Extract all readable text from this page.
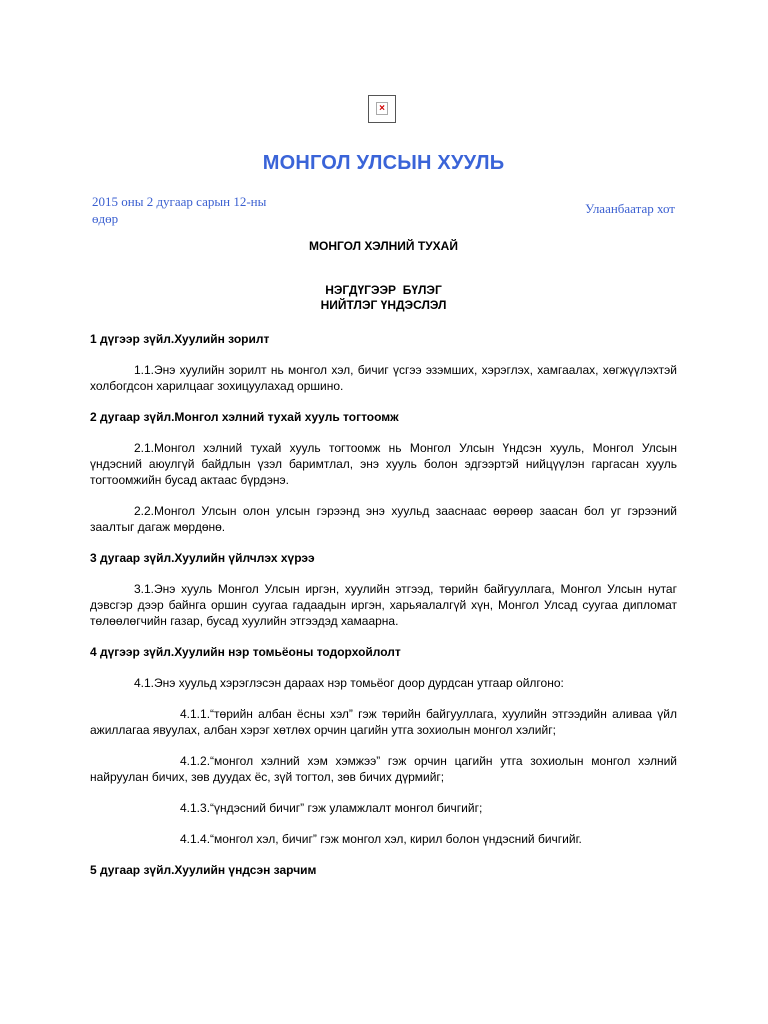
×
МОНГОЛ УЛСЫН ХУУЛЬ
2015 оны 2 дугаар сарын 12-ны
өдөр
Улаанбаатар хот
МОНГОЛ ХЭЛНИЙ ТУХАЙ
НЭГДҮГЭЭР  БҮЛЭГ
НИЙТЛЭГ ҮНДЭСЛЭЛ
1 дүгээр зүйл.Хуулийн зорилт
1.1.Энэ хуулийн зорилт нь монгол хэл, бичиг үсгээ эзэмших, хэрэглэх, хамгаалах, хөгжүүлэхтэй холбогдсон харилцааг зохицуулахад оршино.
2 дугаар зүйл.Монгол хэлний тухай хууль тогтоомж
2.1.Монгол хэлний тухай хууль тогтоомж нь Монгол Улсын Үндсэн хууль, Монгол Улсын үндэсний аюулгүй байдлын үзэл баримтлал, энэ хууль болон эдгээртэй нийцүүлэн гаргасан хууль тогтоомжийн бусад актаас бүрдэнэ.
2.2.Монгол Улсын олон улсын гэрээнд энэ хуульд зааснаас өөрөөр заасан бол уг гэрээний заалтыг дагаж мөрдөнө.
3 дугаар зүйл.Хуулийн үйлчлэх хүрээ
3.1.Энэ хууль Монгол Улсын иргэн, хуулийн этгээд, төрийн байгууллага, Монгол Улсын нутаг дэвсгэр дээр байнга оршин суугаа гадаадын иргэн, харьяалалгүй хүн, Монгол Улсад суугаа дипломат төлөөлөгчийн газар, бусад хуулийн этгээдэд хамаарна.
4 дүгээр зүйл.Хуулийн нэр томьёоны тодорхойлолт
4.1.Энэ хуульд хэрэглэсэн дараах нэр томьёог доор дурдсан утгаар ойлгоно:
4.1.1.“төрийн албан ёсны хэл” гэж төрийн байгууллага, хуулийн этгээдийн аливаа үйл ажиллагаа явуулах, албан хэрэг хөтлөх орчин цагийн утга зохиолын монгол хэлийг;
4.1.2.“монгол хэлний хэм хэмжээ” гэж орчин цагийн утга зохиолын монгол хэлний найруулан бичих, зөв дуудах ёс, зүй тогтол, зөв бичих дүрмийг;
4.1.3.“үндэсний бичиг” гэж уламжлалт монгол бичгийг;
4.1.4.“монгол хэл, бичиг” гэж монгол хэл, кирил болон үндэсний бичгийг.
5 дугаар зүйл.Хуулийн үндсэн зарчим
